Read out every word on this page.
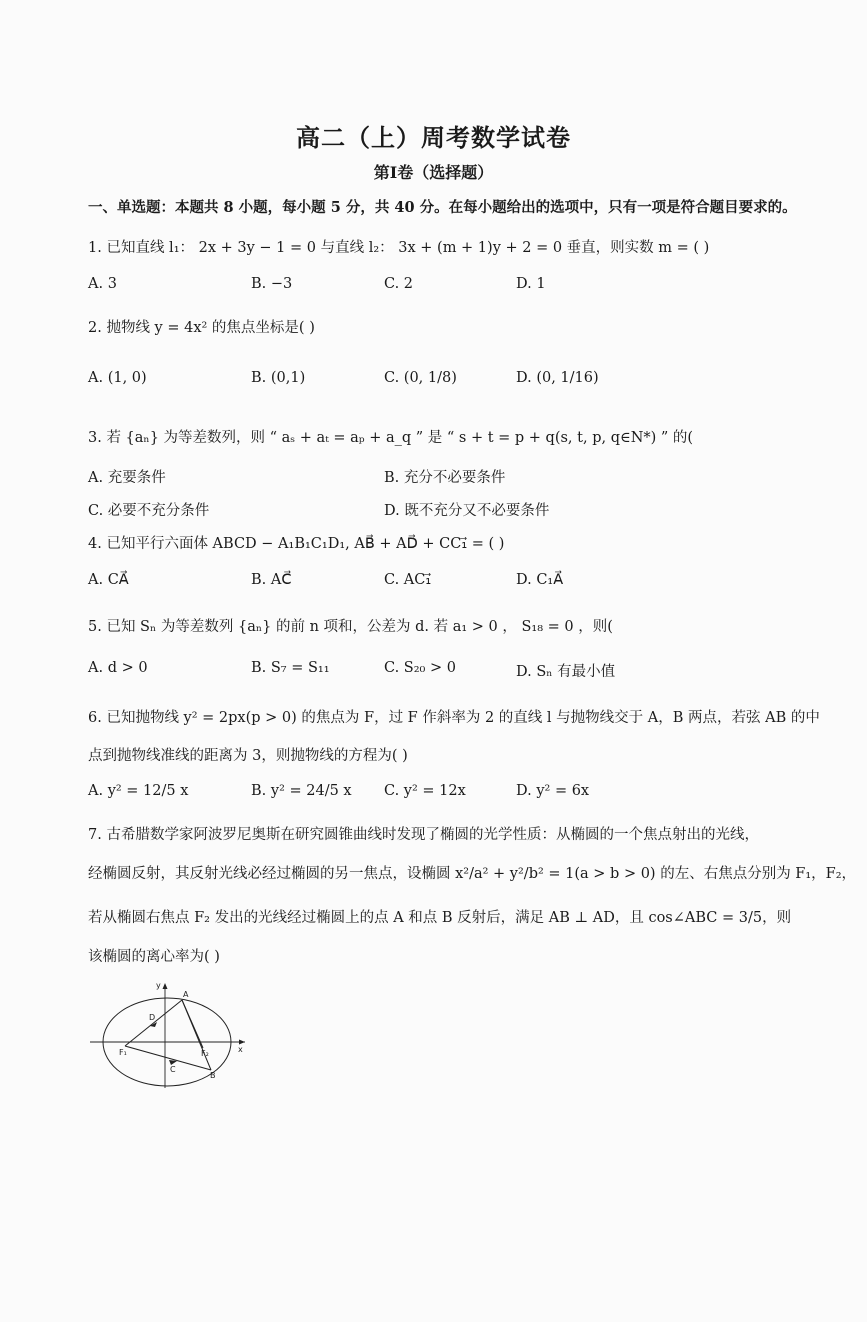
高二（上）周考数学试卷
第Ⅰ卷（选择题）
一、单选题：本题共 8 小题，每小题 5 分，共 40 分。在每小题给出的选项中，只有一项是符合题目要求的。
1. 已知直线 l₁： 2x + 3y − 1 = 0 与直线 l₂： 3x + (m + 1)y + 2 = 0 垂直，则实数 m = ( )
A. 3	B. −3	C. 2	D. 1
2. 抛物线 y = 4x² 的焦点坐标是( )
A. (1, 0)	B. (0,1)	C. (0, 1/8)	D. (0, 1/16)
3. 若 {aₙ} 为等差数列，则 “ aₛ + aₜ = aₚ + a_q ” 是 “ s + t = p + q(s, t, p, q∈N*) ” 的(
A. 充要条件	B. 充分不必要条件
C. 必要不充分条件	D. 既不充分又不必要条件
4. 已知平行六面体 ABCD − A₁B₁C₁D₁, AB⃗ + AD⃗ + CC₁⃗ = ( )
A. CA⃗	B. AC⃗	C. AC₁⃗	D. C₁A⃗
5. 已知 Sₙ 为等差数列 {aₙ} 的前 n 项和，公差为 d. 若 a₁ > 0 ， S₁₈ = 0 ，则(
A. d > 0	B. S₇ = S₁₁	C. S₂₀ > 0	D. Sₙ 有最小值
6. 已知抛物线 y² = 2px(p > 0) 的焦点为 F，过 F 作斜率为 2 的直线 l 与抛物线交于 A，B 两点，若弦 AB 的中
点到抛物线准线的距离为 3，则抛物线的方程为( )
A. y² = 12/5 x	B. y² = 24/5 x C. y² = 12x	D. y² = 6x
7. 古希腊数学家阿波罗尼奥斯在研究圆锥曲线时发现了椭圆的光学性质：从椭圆的一个焦点射出的光线，
经椭圆反射，其反射光线必经过椭圆的另一焦点，设椭圆 x²/a² + y²/b² = 1(a > b > 0) 的左、右焦点分别为 F₁，F₂，
若从椭圆右焦点 F₂ 发出的光线经过椭圆上的点 A 和点 B 反射后，满足 AB ⊥ AD，且 cos∠ABC = 3/5，则
该椭圆的离心率为( )
y
x
A
D
F₁	F₂
C
B
